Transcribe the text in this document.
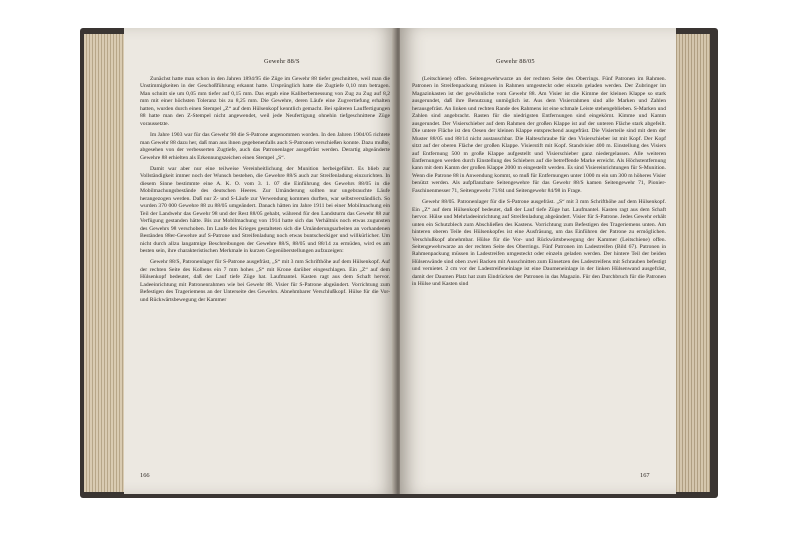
Gewehr 88/S

Zunächst hatte man schon in den Jahren 1894/95 die Züge im Gewehr 88 tiefer geschnitten, weil man die Unstimmigkeiten in der Geschoßführung erkannt hatte. Ursprünglich hatte die Zugtiefe 0,10 mm betragen. Man schnitt sie um 0,05 mm tiefer auf 0,15 mm. Das ergab eine Kaliberbemessung von Zug zu Zug auf 8,2 mm mit einer höchsten Toleranz bis zu 8,25 mm. Die Gewehre, deren Läufe eine Zugvertiefung erhalten hatten, wurden durch einen Stempel „Z“ auf dem Hülsenkopf kenntlich gemacht. Bei späteren Lauffertigungen 88 hatte man den Z-Stempel nicht angewendet, weil jede Neufertigung ohnehin tiefgeschnittene Züge voraussetzte.

Im Jahre 1903 war für das Gewehr 98 die S-Patrone angenommen worden. In den Jahren 1904/05 richtete man Gewehr 88 dazu her, daß man aus ihnen gegebenenfalls auch S-Patronen verschießen konnte. Dazu mußte, abgesehen von der verbesserten Zugtiefe, auch das Patronenlager ausgefräst werden. Derartig abgeänderte Gewehre 88 erhielten als Erkennungszeichen einen Stempel „S“.

Damit war aber nur eine teilweise Vereinheitlichung der Munition herbeigeführt. Es blieb zur Vollständigkeit immer noch der Wunsch bestehen, die Gewehre 88/S auch zur Streifenladung einzurichten. In diesem Sinne bestimmte eine A. K. O. vom 3. 1. 07 die Einführung des Gewehrs 88/05 in die Mobilmachungsbestände des deutschen Heeres. Zur Umänderung sollten nur ungebrauchte Läufe herangezogen werden. Daß nur Z- und S-Läufe zur Verwendung kommen durften, war selbstverständlich. So wurden 370 000 Gewehre 88 zu 88/05 umgeändert. Danach hätten im Jahre 1911 bei einer Mobilmachung ein Teil der Landwehr das Gewehr 98 und der Rest 88/05 gehabt, während für den Landsturm das Gewehr 88 zur Verfügung gestanden hätte. Bis zur Mobilmachung von 1914 hatte sich das Verhältnis noch etwas zugunsten des Gewehrs 98 verschoben. Im Laufe des Krieges gestalteten sich die Umänderungsarbeiten an vorhandenen Beständen 88er-Gewehre auf S-Patrone und Streifenladung noch etwas buntscheckiger und willkürlicher. Um nicht durch allzu langatmige Beschreibungen der Gewehre 88/S, 88/05 und 88/14 zu ermüden, wird es am besten sein, ihre charakteristischen Merkmale in kurzen Gegenüberstellungen aufzuzeigen:

Gewehr 88/S, Patronenlager für S-Patrone ausgefräst, „S“ mit 3 mm Schrifthöhe auf dem Hülsenkopf. Auf der rechten Seite des Kolbens ein 7 mm hohes „S“ mit Krone darüber eingeschlagen. Ein „Z“ auf dem Hülsenkopf bedeutet, daß der Lauf tiefe Züge hat. Laufmantel. Kasten ragt aus dem Schaft hervor. Ladeeinrichtung mit Patronenrahmen wie bei Gewehr 88. Visier für S-Patrone abgeändert. Vorrichtung zum Befestigen des Trageriemens an der Unterseite des Gewehrs. Abnehmbarer Verschlußkopf. Hülse für die Vor- und Rückwärtsbewegung der Kammer

166
Gewehr 88/05

(Leitschiene) offen. Seitengewehrwarze an der rechten Seite des Oberrings. Fünf Patronen im Rahmen. Patronen in Streifenpackung müssen in Rahmen umgesteckt oder einzeln geladen werden. Der Zubringer im Magazinkasten ist der gewöhnliche vom Gewehr 88. Am Visier ist die Kimme der kleinen Klappe so stark ausgerundet, daß ihre Benutzung unmöglich ist. Aus dem Visierrahmen sind alle Marken und Zahlen herausgefräst. An linken und rechten Rande des Rahmens ist eine schmale Leiste stehengeblieben. S-Marken und Zahlen sind angebracht. Rasten für die niedrigsten Entfernungen sind eingekörnt. Kimme und Kamm ausgerundet. Der Visierschieber auf dem Rahmen der großen Klappe ist auf der unteren Fläche stark abgefeilt. Die untere Fläche ist den Oesen der kleinen Klappe entsprechend ausgefräst. Die Visierteile sind mit dem der Muster 88/05 und 88/14 nicht austauschbar. Die Halteschraube für den Visierschieber ist mit Kopf. Der Kopf sitzt auf der oberen Fläche der großen Klappe. Visierstift mit Kopf. Standvisier 400 m. Einstellung des Visiers auf Entfernung 500 m große Klappe aufgestellt und Visierschieber ganz niedergelassen. Alle weiteren Entfernungen werden durch Einstellung des Schiebers auf die betreffende Marke erreicht. Als Höchstentfernung kann mit dem Kamm der großen Klappe 2000 m eingestellt werden. Es sind Visiereinrichtungen für S-Munition. Wenn die Patrone 88 in Anwendung kommt, so muß für Entfernungen unter 1000 m ein um 300 m höheres Visier benützt werden. Als aufpflanzbare Seitengewehre für das Gewehr 88/S kamen Seitengewehr 71, Pionier-Faschinenmesser 71, Seitengewehr 71/84 und Seitengewehr 84/98 in Frage.

Gewehr 88/05. Patronenlager für die S-Patrone ausgefräst. „S“ mit 3 mm Schrifthöhe auf dem Hülsenkopf. Ein „Z“ auf dem Hülsenkopf bedeutet, daß der Lauf tiefe Züge hat. Laufmantel. Kasten ragt aus dem Schaft hervor. Hülse und Mehrladeeinrichtung auf Streifenladung abgeändert. Visier für S-Patrone. Jedes Gewehr erhält unten ein Schutzblech zum Abschließen des Kastens. Vorrichtung zum Befestigen des Trageriemens unten. Am hinteren oberen Teile des Hülsenkopfes ist eine Ausfräsung, um das Einführen der Patrone zu ermöglichen. Verschlußkopf abnehmbar. Hülse für die Vor- und Rückwärtsbewegung der Kammer (Leitschiene) offen. Seitengewehrwarze an der rechten Seite des Oberrings. Fünf Patronen im Ladestreifen (Bild 67). Patronen in Rahmenpackung müssen in Ladestreifen umgesteckt oder einzeln geladen werden. Der hintere Teil der beiden Hülsenwände sind oben zwei Backen mit Ausschnitten zum Einsetzen des Ladestreifens mit Schrauben befestigt und vernietet. 2 cm vor der Ladestreifeneinlage ist eine Daumeneinlage in der linken Hülsenwand ausgefräst, damit der Daumen Platz hat zum Eindrücken der Patronen in das Magazin. Für den Durchbruch für die Patronen in Hülse und Kasten sind

167
